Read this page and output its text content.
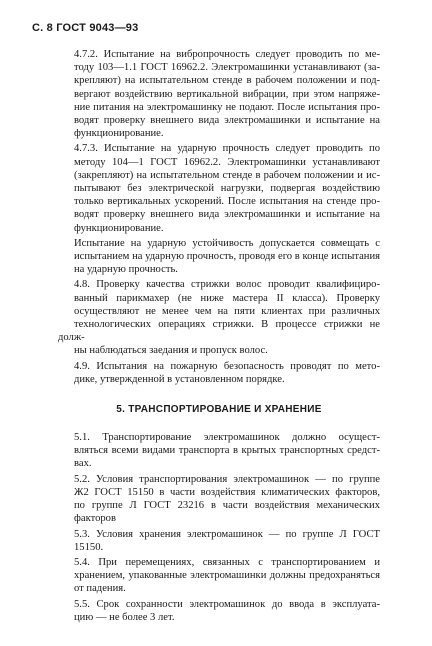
С. 8 ГОСТ 9043—93
4.7.2. Испытание на вибропрочность следует проводить по ме-
тоду 103—1.1 ГОСТ 16962.2. Электромашинки устанавливают (за-
крепляют) на испытательном стенде в рабочем положении и под-
вергают воздействию вертикальной вибрации, при этом напряже-
ние питания на электромашинку не подают. После испытания про-
водят проверку внешнего вида электромашинки и испытание на
функционирование.
4.7.3. Испытание на ударную прочность следует проводить по
методу 104—1 ГОСТ 16962.2. Электромашинки устанавливают
(закрепляют) на испытательном стенде в рабочем положении и ис-
пытывают без электрической нагрузки, подвергая воздействию
только вертикальных ускорений. После испытания на стенде про-
водят проверку внешнего вида электромашинки и испытание на
функционирование.
Испытание на ударную устойчивость допускается совмещать с
испытанием на ударную прочность, проводя его в конце испытания
на ударную прочность.
4.8. Проверку качества стрижки волос проводит квалифициро-
ванный парикмахер (не ниже мастера II класса). Проверку
осуществляют не менее чем на пяти клиентах при различных
технологических операциях стрижки. В процессе стрижки не долж-
ны наблюдаться заедания и пропуск волос.
4.9. Испытания на пожарную безопасность проводят по мето-
дике, утвержденной в установленном порядке.
5. ТРАНСПОРТИРОВАНИЕ И ХРАНЕНИЕ
5.1. Транспортирование электромашинок должно осущест-
вляться всеми видами транспорта в крытых транспортных средст-
вах.
5.2. Условия транспортирования электромашинок — по группе
Ж2 ГОСТ 15150 в части воздействия климатических факторов,
по группе Л ГОСТ 23216 в части воздействия механических
факторов
5.3. Условия хранения электромашинок — по группе Л ГОСТ
15150.
5.4. При перемещениях, связанных с транспортированием и
хранением, упакованные электромашинки должны предохраняться
от падения.
5.5. Срок сохранности электромашинок до ввода в эксплуата-
цию — не более 3 лет.
